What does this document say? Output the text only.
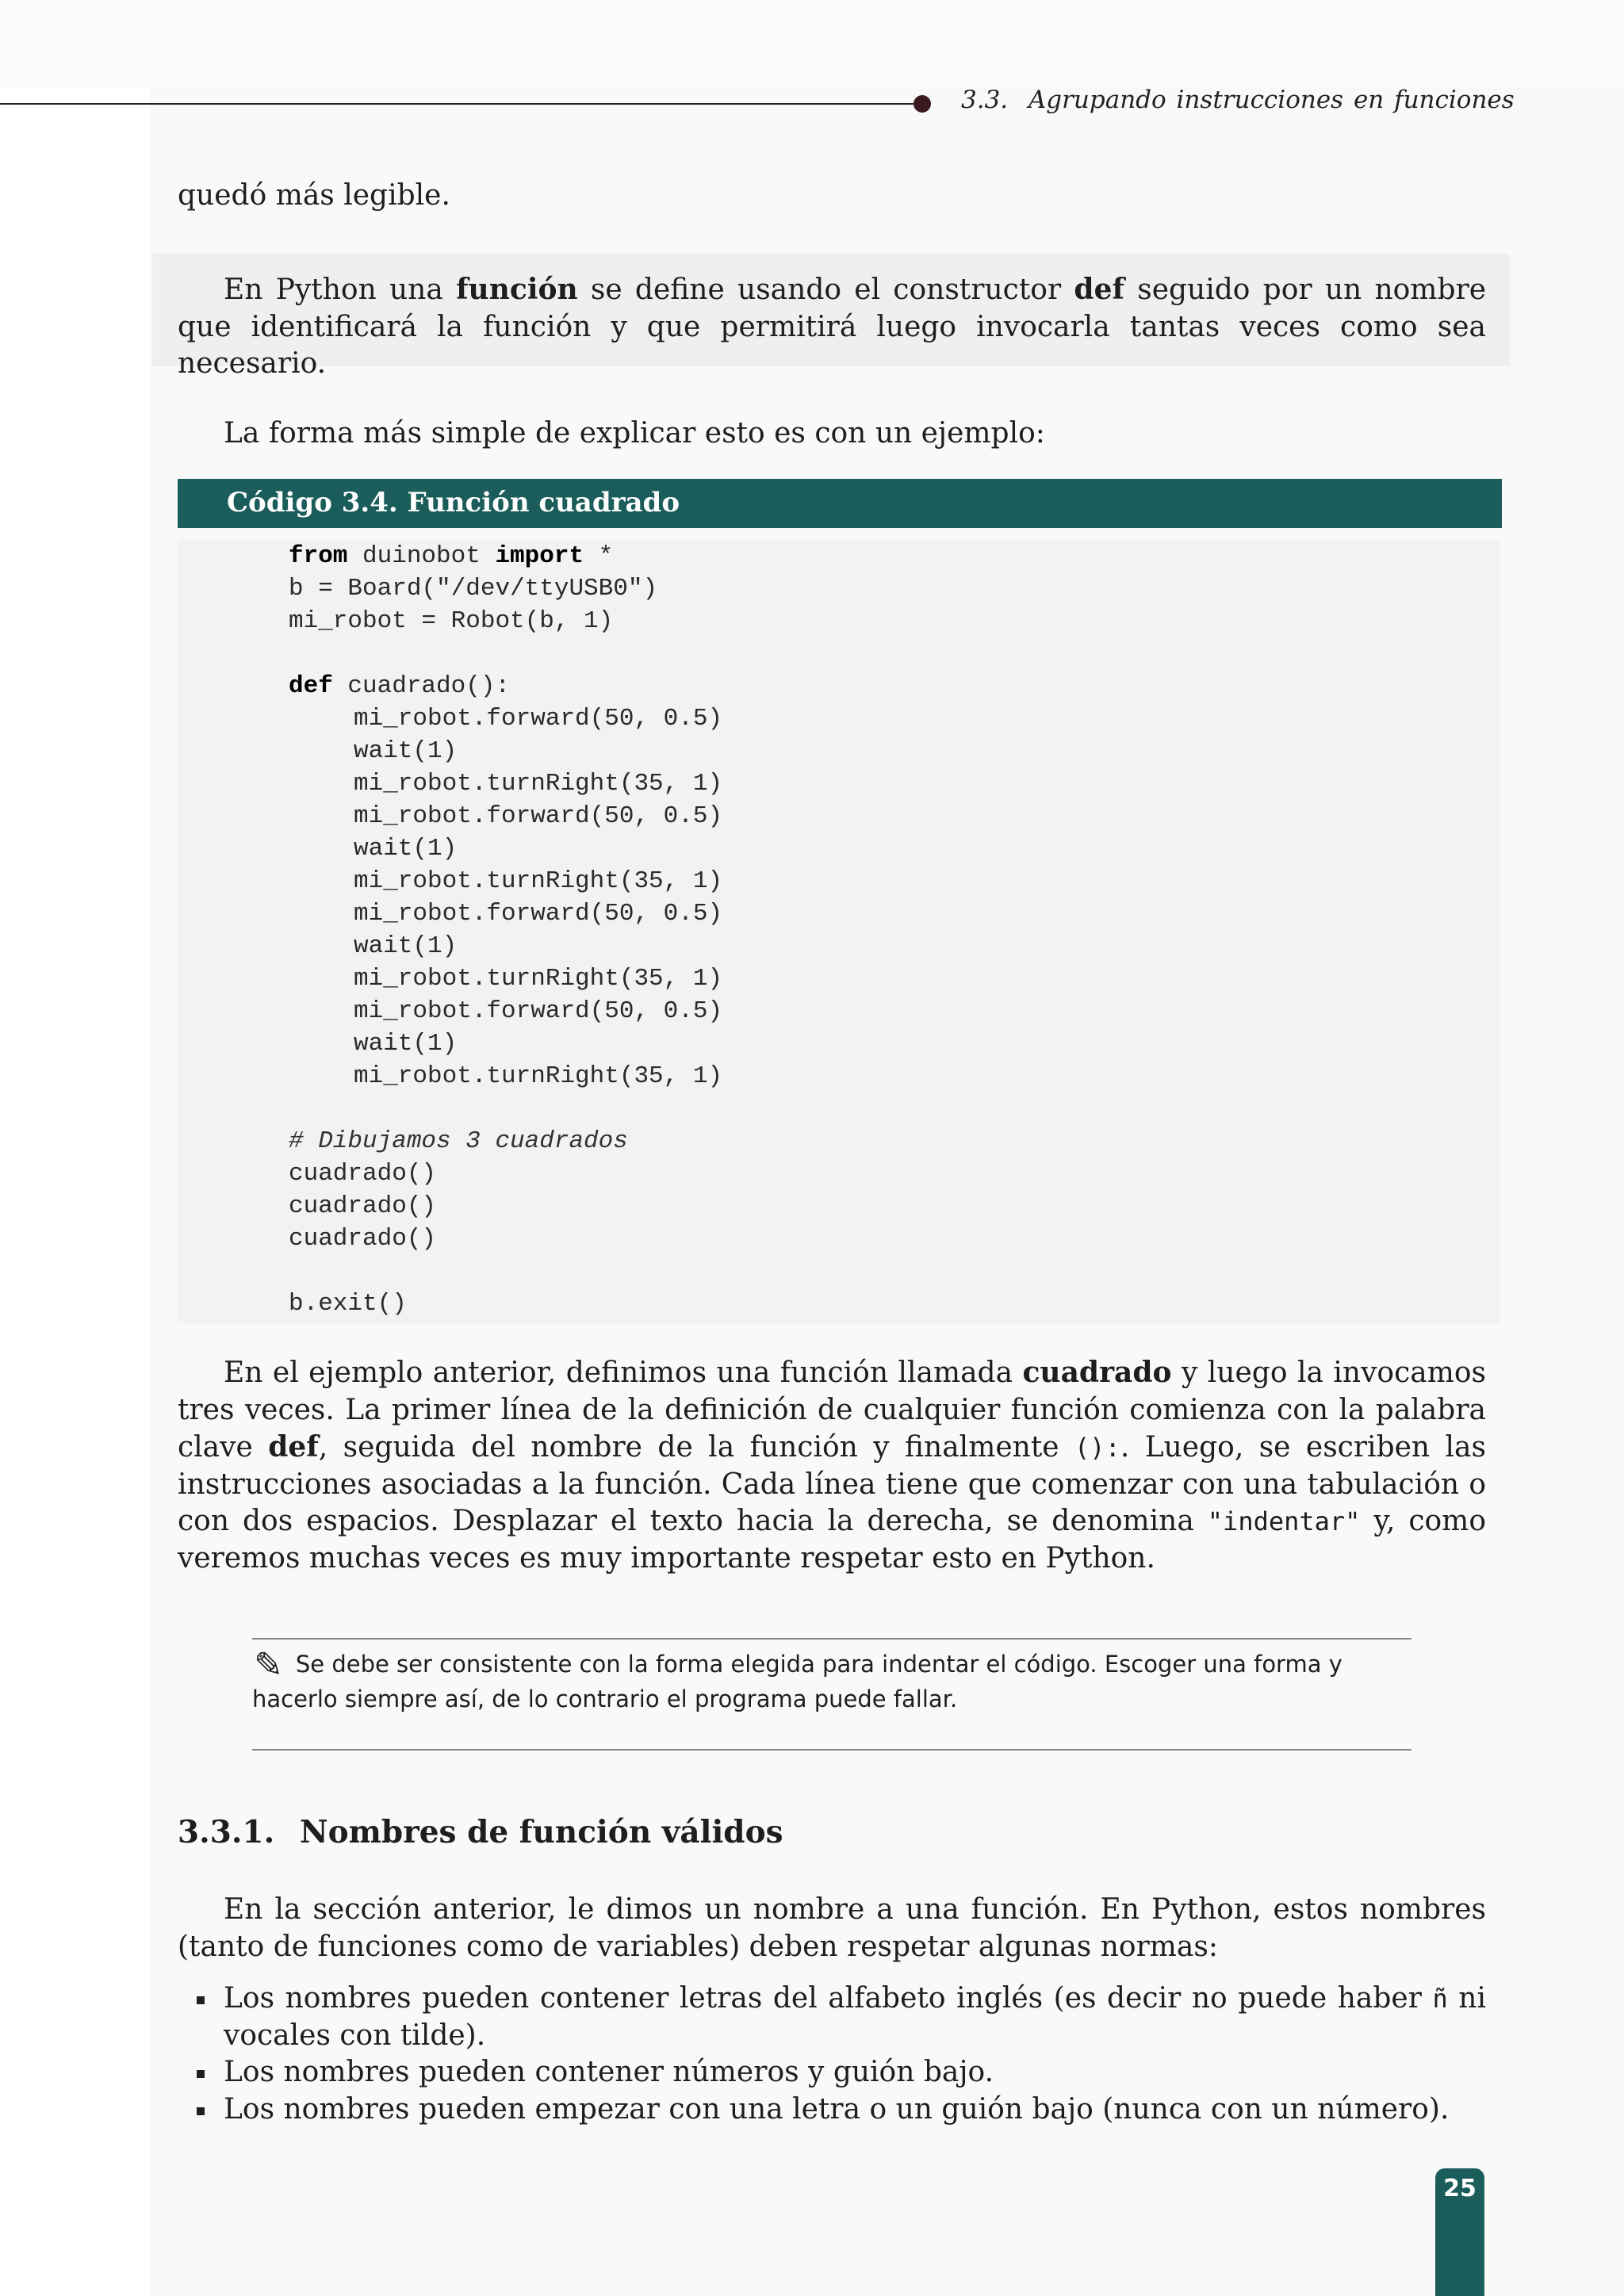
3.3. Agrupando instrucciones en funciones
quedó más legible.
En Python una función se define usando el constructor def seguido por un nombre que identificará la función y que permitirá luego invocarla tantas veces como sea necesario.
La forma más simple de explicar esto es con un ejemplo:
Código 3.4. Función cuadrado
from duinobot import *
b = Board("/dev/ttyUSB0")
mi_robot = Robot(b, 1)
def cuadrado():
mi_robot.forward(50, 0.5)
wait(1)
mi_robot.turnRight(35, 1)
mi_robot.forward(50, 0.5)
wait(1)
mi_robot.turnRight(35, 1)
mi_robot.forward(50, 0.5)
wait(1)
mi_robot.turnRight(35, 1)
mi_robot.forward(50, 0.5)
wait(1)
mi_robot.turnRight(35, 1)
# Dibujamos 3 cuadrados
cuadrado()
cuadrado()
cuadrado()
b.exit()
En el ejemplo anterior, definimos una función llamada cuadrado y luego la invocamos tres veces. La primer línea de la definición de cualquier función comienza con la palabra clave def, seguida del nombre de la función y finalmente ():. Luego, se escriben las instrucciones asociadas a la función. Cada línea tiene que comenzar con una tabulación o con dos espacios. Desplazar el texto hacia la derecha, se denomina "indentar" y, como veremos muchas veces es muy importante respetar esto en Python.
✎ Se debe ser consistente con la forma elegida para indentar el código. Escoger una forma y hacerlo siempre así, de lo contrario el programa puede fallar.
3.3.1. Nombres de función válidos
En la sección anterior, le dimos un nombre a una función. En Python, estos nombres (tanto de funciones como de variables) deben respetar algunas normas:
Los nombres pueden contener letras del alfabeto inglés (es decir no puede haber ñ ni vocales con tilde).
Los nombres pueden contener números y guión bajo.
Los nombres pueden empezar con una letra o un guión bajo (nunca con un número).
25
